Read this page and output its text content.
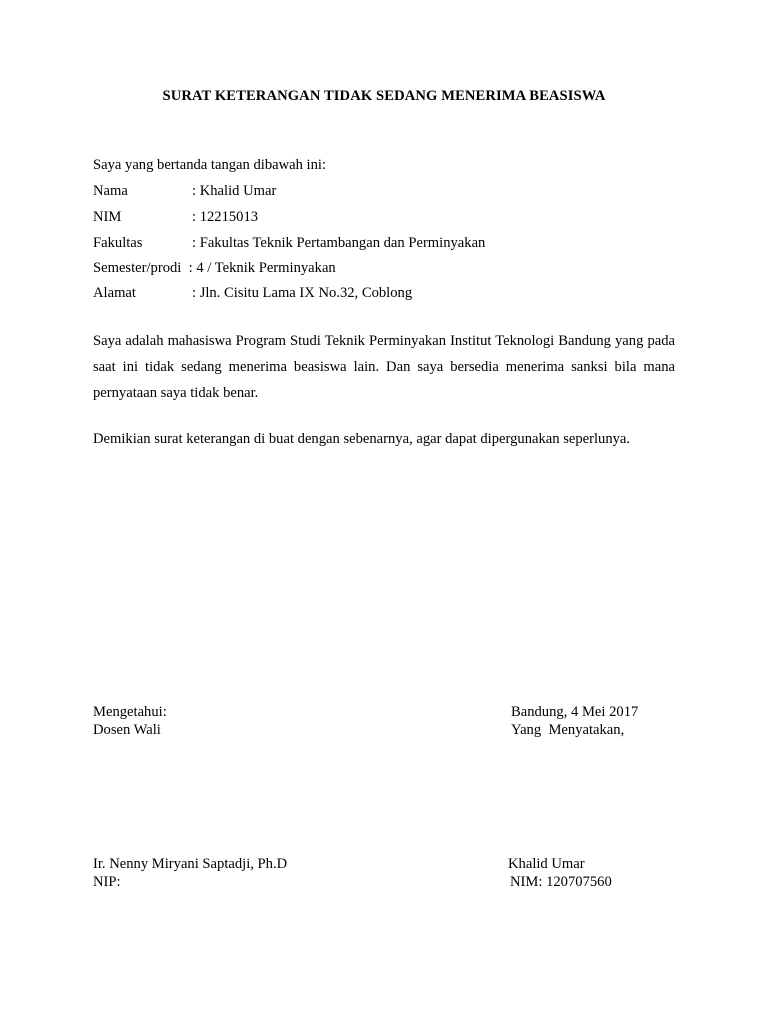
SURAT KETERANGAN TIDAK SEDANG MENERIMA BEASISWA
Saya yang bertanda tangan dibawah ini:
Nama	: Khalid Umar
NIM	: 12215013
Fakultas	: Fakultas Teknik Pertambangan dan Perminyakan
Semester/prodi  : 4 / Teknik Perminyakan
Alamat	: Jln. Cisitu Lama IX No.32, Coblong
Saya adalah mahasiswa Program Studi Teknik Perminyakan Institut Teknologi Bandung yang pada saat ini tidak sedang menerima beasiswa lain. Dan saya bersedia menerima sanksi bila mana pernyataan saya tidak benar.
Demikian surat keterangan di buat dengan sebenarnya, agar dapat dipergunakan seperlunya.
Mengetahui:
Dosen Wali
Ir. Nenny Miryani Saptadji, Ph.D
NIP:
Bandung, 4 Mei 2017
Yang  Menyatakan,
Khalid Umar
NIM: 120707560
